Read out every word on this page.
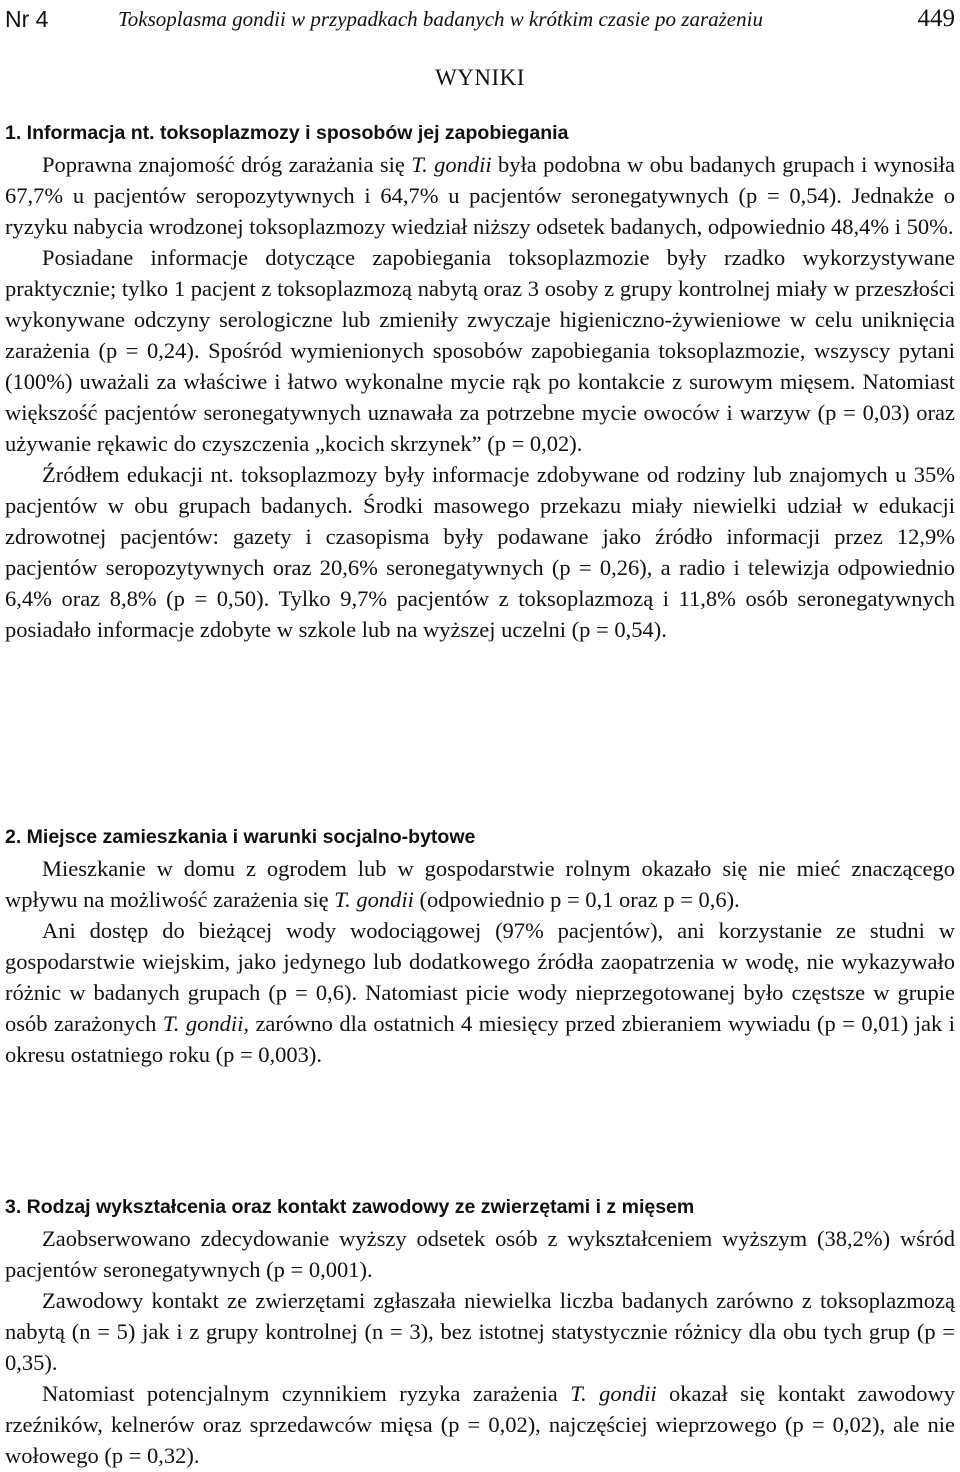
Nr 4	Toksoplasma gondii w przypadkach badanych w krótkim czasie po zarażeniu	449
WYNIKI
1. Informacja nt. toksoplazmozy i sposobów jej zapobiegania

Poprawna znajomość dróg zarażania się T. gondii była podobna w obu badanych grupach i wynosiła 67,7% u pacjentów seropozytywnych i 64,7% u pacjentów seronegatywnych (p = 0,54). Jednakże o ryzyku nabycia wrodzonej toksoplazmozy wiedział niższy odsetek badanych, odpowiednio 48,4% i 50%.

Posiadane informacje dotyczące zapobiegania toksoplazmozie były rzadko wykorzystywane praktycznie; tylko 1 pacjent z toksoplazmozą nabytą oraz 3 osoby z grupy kontrolnej miały w przeszłości wykonywane odczyny serologiczne lub zmieniły zwyczaje higieniczno-żywieniowe w celu uniknięcia zarażenia (p = 0,24). Spośród wymienionych sposobów zapobiegania toksoplazmozie, wszyscy pytani (100%) uważali za właściwe i łatwo wykonalne mycie rąk po kontakcie z surowym mięsem. Natomiast większość pacjentów seronegatywnych uznawała za potrzebne mycie owoców i warzyw (p = 0,03) oraz używanie rękawic do czyszczenia „kocich skrzynek” (p = 0,02).

Źródłem edukacji nt. toksoplazmozy były informacje zdobywane od rodziny lub znajomych u 35% pacjentów w obu grupach badanych. Środki masowego przekazu miały niewielki udział w edukacji zdrowotnej pacjentów: gazety i czasopisma były podawane jako źródło informacji przez 12,9% pacjentów seropozytywnych oraz 20,6% seronegatywnych (p = 0,26), a radio i telewizja odpowiednio 6,4% oraz 8,8% (p = 0,50). Tylko 9,7% pacjentów z toksoplazmozą i 11,8% osób seronegatywnych posiadało informacje zdobyte w szkole lub na wyższej uczelni (p = 0,54).

2. Miejsce zamieszkania i warunki socjalno-bytowe

Mieszkanie w domu z ogrodem lub w gospodarstwie rolnym okazało się nie mieć znaczącego wpływu na możliwość zarażenia się T. gondii (odpowiednio p = 0,1 oraz p = 0,6).

Ani dostęp do bieżącej wody wodociągowej (97% pacjentów), ani korzystanie ze studni w gospodarstwie wiejskim, jako jedynego lub dodatkowego źródła zaopatrzenia w wodę, nie wykazywało różnic w badanych grupach (p = 0,6). Natomiast picie wody nieprzegotowanej było częstsze w grupie osób zarażonych T. gondii, zarówno dla ostatnich 4 miesięcy przed zbieraniem wywiadu (p = 0,01) jak i okresu ostatniego roku (p = 0,003).

3. Rodzaj wykształcenia oraz kontakt zawodowy ze zwierzętami i z mięsem

Zaobserwowano zdecydowanie wyższy odsetek osób z wykształceniem wyższym (38,2%) wśród pacjentów seronegatywnych (p = 0,001).

Zawodowy kontakt ze zwierzętami zgłaszała niewielka liczba badanych zarówno z toksoplazmozą nabytą (n = 5) jak i z grupy kontrolnej (n = 3), bez istotnej statystycznie różnicy dla obu tych grup (p = 0,35).

Natomiast potencjalnym czynnikiem ryzyka zarażenia T. gondii okazał się kontakt zawodowy rzeźników, kelnerów oraz sprzedawców mięsa (p = 0,02), najczęściej wieprzowego (p = 0,02), ale nie wołowego (p = 0,32).
